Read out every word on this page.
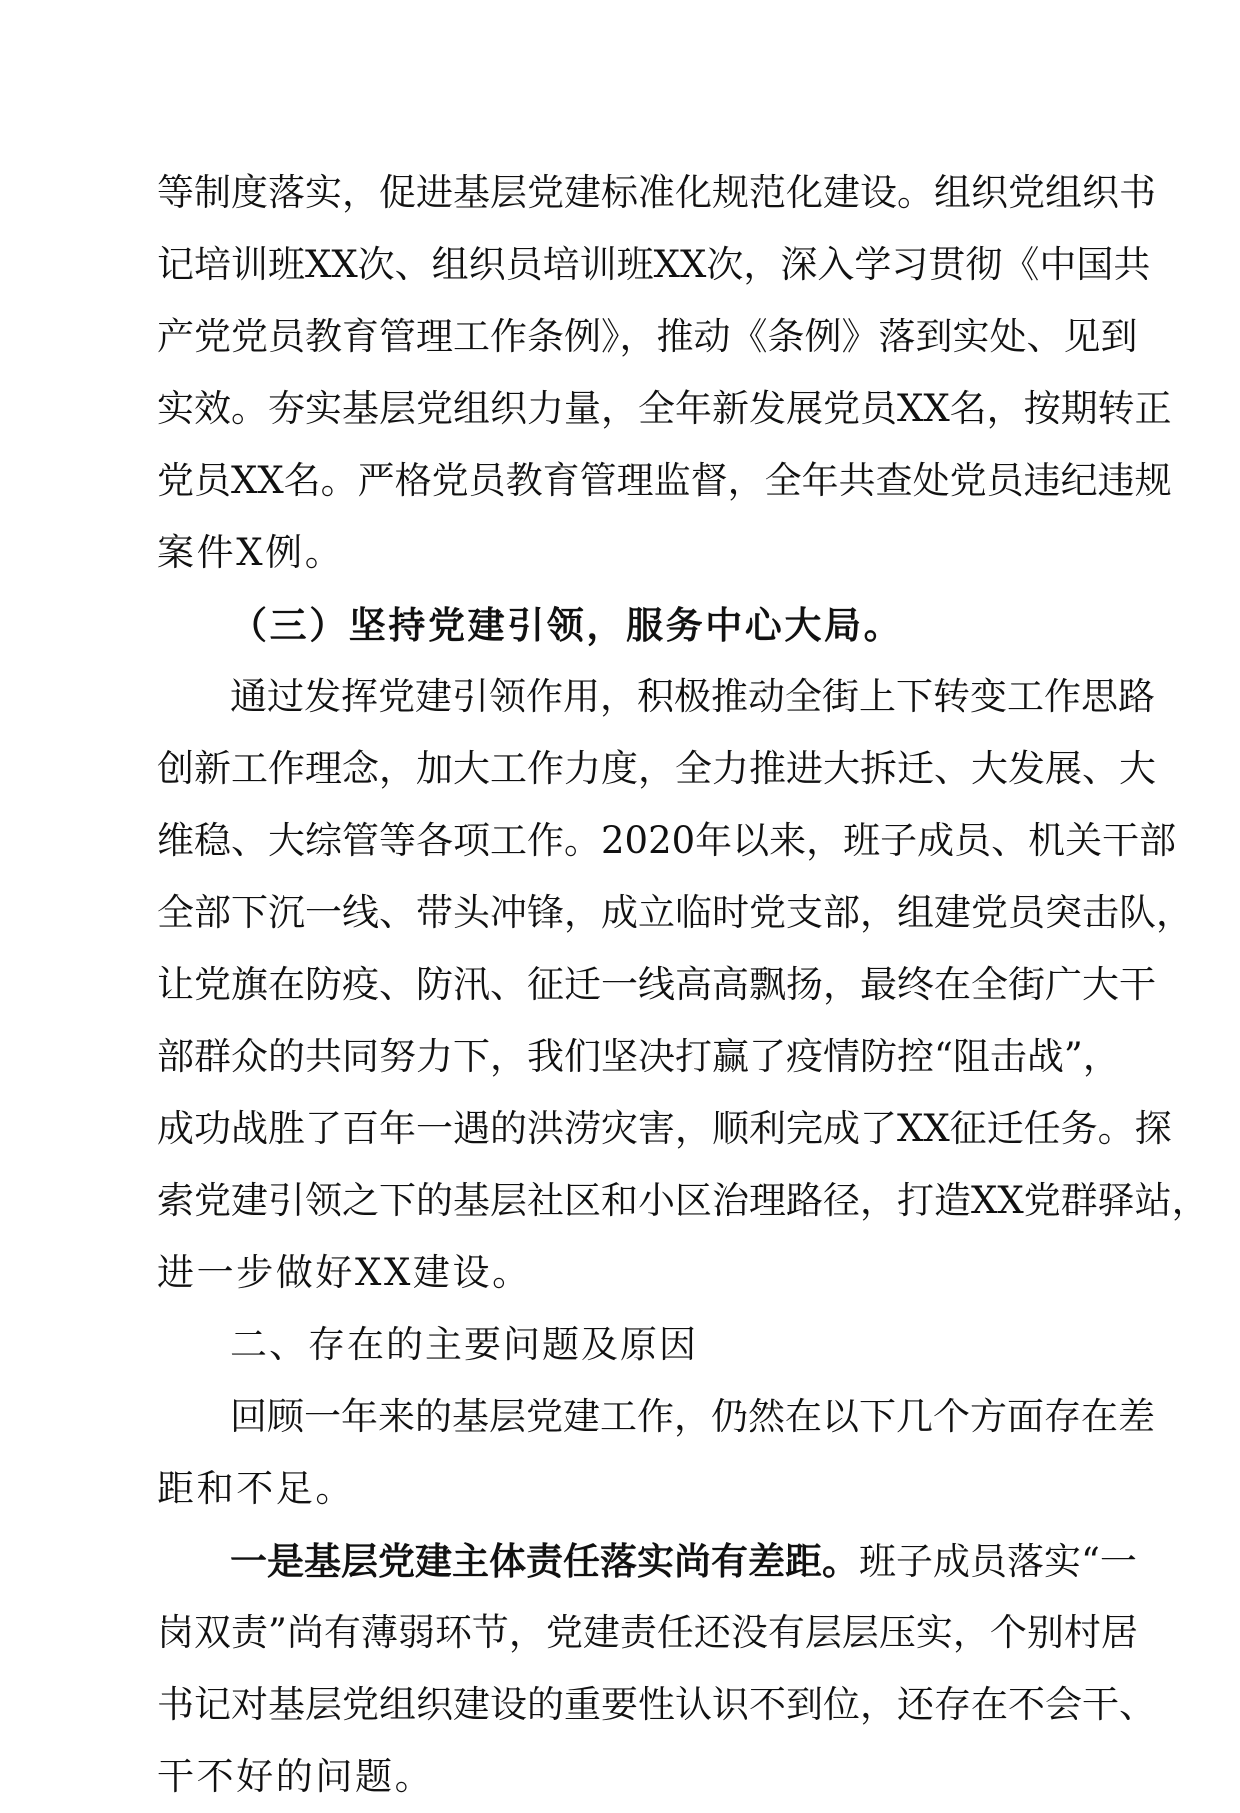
等制度落实，促进基层党建标准化规范化建设。组织党组织书
记培训班XX次、组织员培训班XX次，深入学习贯彻《中国共
产党党员教育管理工作条例》，推动《条例》落到实处、见到
实效。夯实基层党组织力量，全年新发展党员XX名，按期转正
党员XX名。严格党员教育管理监督，全年共查处党员违纪违规
案件X例。
（三）坚持党建引领，服务中心大局。
通过发挥党建引领作用，积极推动全街上下转变工作思路
创新工作理念，加大工作力度，全力推进大拆迁、大发展、大
维稳、大综管等各项工作。2020年以来，班子成员、机关干部
全部下沉一线、带头冲锋，成立临时党支部，组建党员突击队，
让党旗在防疫、防汛、征迁一线高高飘扬，最终在全街广大干
部群众的共同努力下，我们坚决打赢了疫情防控“阻击战”，
成功战胜了百年一遇的洪涝灾害，顺利完成了XX征迁任务。探
索党建引领之下的基层社区和小区治理路径，打造XX党群驿站，
进一步做好XX建设。
二、存在的主要问题及原因
回顾一年来的基层党建工作，仍然在以下几个方面存在差
距和不足。
一是基层党建主体责任落实尚有差距。班子成员落实“一
岗双责”尚有薄弱环节，党建责任还没有层层压实，个别村居
书记对基层党组织建设的重要性认识不到位，还存在不会干、
干不好的问题。
